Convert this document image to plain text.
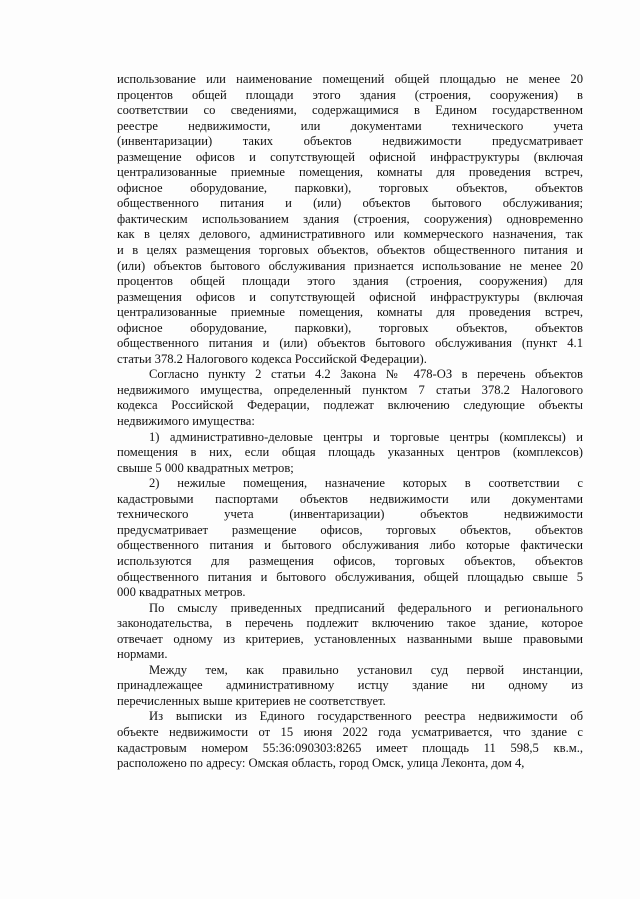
использование или наименование помещений общей площадью не менее 20
процентов общей площади этого здания (строения, сооружения) в
соответствии со сведениями, содержащимися в Едином государственном
реестре недвижимости, или документами технического учета
(инвентаризации) таких объектов недвижимости предусматривает
размещение офисов и сопутствующей офисной инфраструктуры (включая
централизованные приемные помещения, комнаты для проведения встреч,
офисное оборудование, парковки), торговых объектов, объектов
общественного питания и (или) объектов бытового обслуживания;
фактическим использованием здания (строения, сооружения) одновременно
как в целях делового, административного или коммерческого назначения, так
и в целях размещения торговых объектов, объектов общественного питания и
(или) объектов бытового обслуживания признается использование не менее 20
процентов общей площади этого здания (строения, сооружения) для
размещения офисов и сопутствующей офисной инфраструктуры (включая
централизованные приемные помещения, комнаты для проведения встреч,
офисное оборудование, парковки), торговых объектов, объектов
общественного питания и (или) объектов бытового обслуживания (пункт 4.1
статьи 378.2 Налогового кодекса Российской Федерации).
Согласно пункту 2 статьи 4.2 Закона № 478-ОЗ в перечень объектов
недвижимого имущества, определенный пунктом 7 статьи 378.2 Налогового
кодекса Российской Федерации, подлежат включению следующие объекты
недвижимого имущества:
1) административно-деловые центры и торговые центры (комплексы) и
помещения в них, если общая площадь указанных центров (комплексов)
свыше 5 000 квадратных метров;
2) нежилые помещения, назначение которых в соответствии с
кадастровыми паспортами объектов недвижимости или документами
технического учета (инвентаризации) объектов недвижимости
предусматривает размещение офисов, торговых объектов, объектов
общественного питания и бытового обслуживания либо которые фактически
используются для размещения офисов, торговых объектов, объектов
общественного питания и бытового обслуживания, общей площадью свыше 5
000 квадратных метров.
По смыслу приведенных предписаний федерального и регионального
законодательства, в перечень подлежит включению такое здание, которое
отвечает одному из критериев, установленных названными выше правовыми
нормами.
Между тем, как правильно установил суд первой инстанции,
принадлежащее административному истцу здание ни одному из
перечисленных выше критериев не соответствует.
Из выписки из Единого государственного реестра недвижимости об
объекте недвижимости от 15 июня 2022 года усматривается, что здание с
кадастровым номером 55:36:090303:8265 имеет площадь 11 598,5 кв.м.,
расположено по адресу: Омская область, город Омск, улица Леконта, дом 4,
